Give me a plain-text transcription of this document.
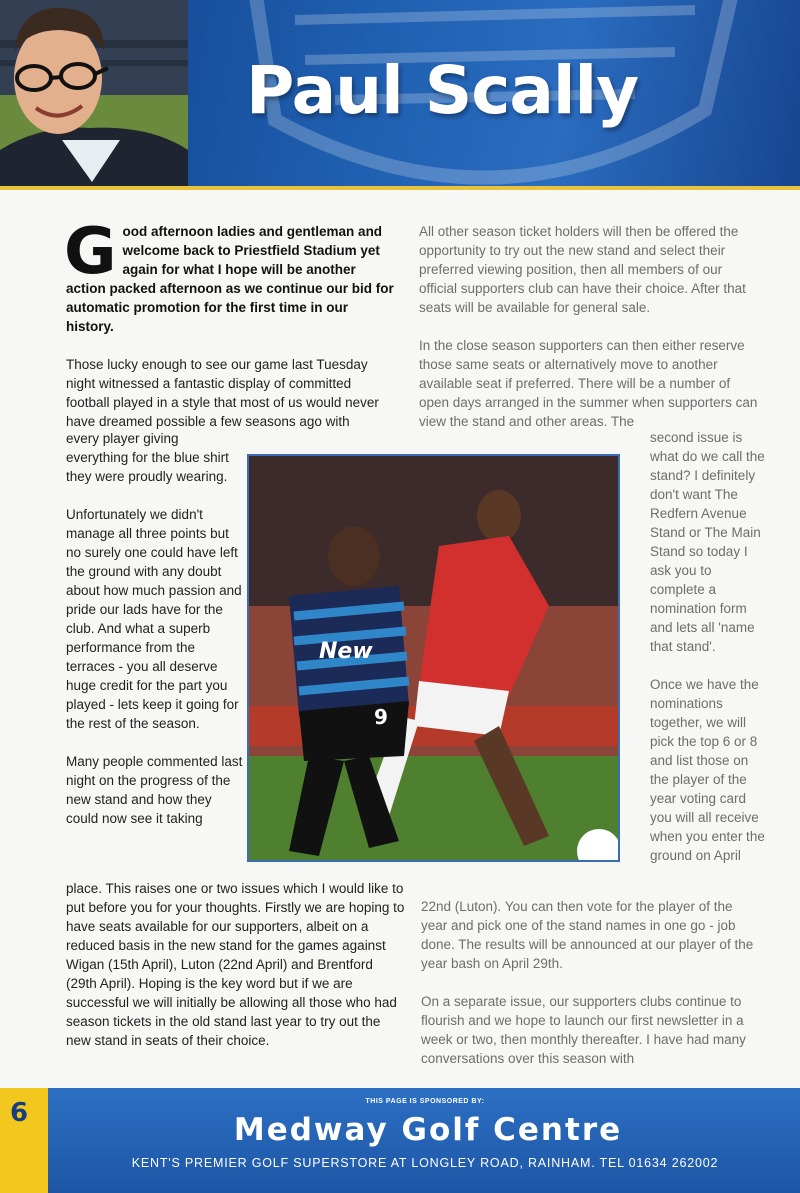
Paul Scally

Good afternoon ladies and gentleman and welcome back to Priestfield Stadium yet again for what I hope will be another action packed afternoon as we continue our bid for automatic promotion for the first time in our history.

Those lucky enough to see our game last Tuesday night witnessed a fantastic display of committed football played in a style that most of us would never have dreamed possible a few seasons ago with

every player giving everything for the blue shirt they were proudly wearing.

Unfortunately we didn't manage all three points but no surely one could have left the ground with any doubt about how much passion and pride our lads have for the club. And what a superb performance from the terraces - you all deserve huge credit for the part you played - lets keep it going for the rest of the season.

Many people commented last night on the progress of the new stand and how they could now see it taking

place. This raises one or two issues which I would like to put before you for your thoughts. Firstly we are hoping to have seats available for our supporters, albeit on a reduced basis in the new stand for the games against Wigan (15th April), Luton (22nd April) and Brentford (29th April). Hoping is the key word but if we are successful we will initially be allowing all those who had season tickets in the old stand last year to try out the new stand in seats of their choice.

All other season ticket holders will then be offered the opportunity to try out the new stand and select their preferred viewing position, then all members of our official supporters club can have their choice. After that seats will be available for general sale.

In the close season supporters can then either reserve those same seats or alternatively move to another available seat if preferred. There will be a number of open days arranged in the summer when supporters can view the stand and other areas. The

second issue is what do we call the stand? I definitely don't want The Redfern Avenue Stand or The Main Stand so today I ask you to complete a nomination form and lets all 'name that stand'.

Once we have the nominations together, we will pick the top 6 or 8 and list those on the player of the year voting card you will all receive when you enter the ground on April

22nd (Luton). You can then vote for the player of the year and pick one of the stand names in one go - job done. The results will be announced at our player of the year bash on April 29th.

On a separate issue, our supporters clubs continue to flourish and we hope to launch our first newsletter in a week or two, then monthly thereafter. I have had many conversations over this season with

New
9
6	THIS PAGE IS SPONSORED BY:
Medway Golf Centre
KENT'S PREMIER GOLF SUPERSTORE AT LONGLEY ROAD, RAINHAM. TEL 01634 262002
